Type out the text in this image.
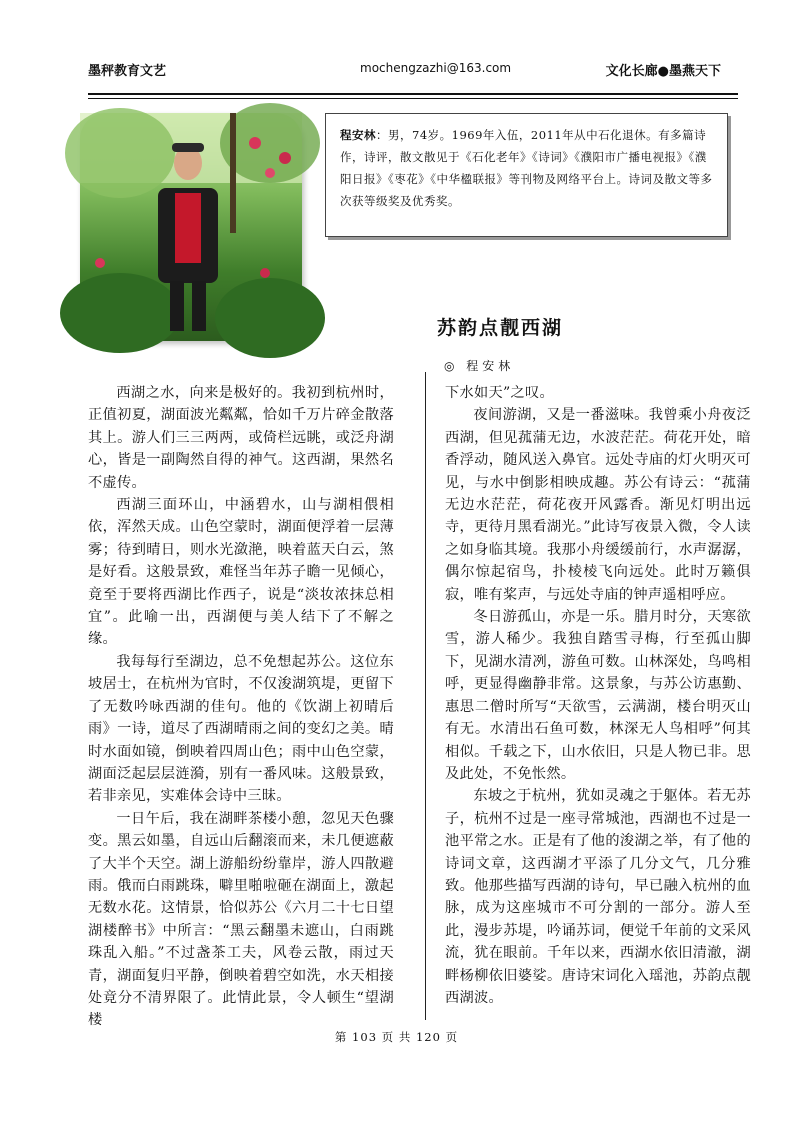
墨秤教育文艺	mochengzazhi@163.com	文化长廊●墨燕天下
程安林：男，74岁。1969年入伍，2011年从中石化退休。有多篇诗作，诗评，散文散见于《石化老年》《诗词》《濮阳市广播电视报》《濮阳日报》《枣花》《中华楹联报》等刊物及网络平台上。诗词及散文等多次获等级奖及优秀奖。
苏韵点靓西湖
◎ 程安林

西湖之水，向来是极好的。我初到杭州时，正值初夏，湖面波光粼粼，恰如千万片碎金散落其上。游人们三三两两，或倚栏远眺，或泛舟湖心，皆是一副陶然自得的神气。这西湖，果然名不虚传。

西湖三面环山，中涵碧水，山与湖相偎相依，浑然天成。山色空蒙时，湖面便浮着一层薄雾；待到晴日，则水光潋滟，映着蓝天白云，煞是好看。这般景致，难怪当年苏子瞻一见倾心，竟至于要将西湖比作西子，说是“淡妆浓抹总相宜”。此喻一出，西湖便与美人结下了不解之缘。

我每每行至湖边，总不免想起苏公。这位东坡居士，在杭州为官时，不仅浚湖筑堤，更留下了无数吟咏西湖的佳句。他的《饮湖上初晴后雨》一诗，道尽了西湖晴雨之间的变幻之美。晴时水面如镜，倒映着四周山色；雨中山色空蒙，湖面泛起层层涟漪，别有一番风味。这般景致，若非亲见，实难体会诗中三昧。

一日午后，我在湖畔茶楼小憩，忽见天色骤变。黑云如墨，自远山后翻滚而来，未几便遮蔽了大半个天空。湖上游船纷纷靠岸，游人四散避雨。俄而白雨跳珠，噼里啪啦砸在湖面上，激起无数水花。这情景，恰似苏公《六月二十七日望湖楼醉书》中所言：“黑云翻墨未遮山，白雨跳珠乱入船。”不过盏茶工夫，风卷云散，雨过天青，湖面复归平静，倒映着碧空如洗，水天相接处竟分不清界限了。此情此景，令人顿生“望湖楼

下水如天”之叹。

夜间游湖，又是一番滋味。我曾乘小舟夜泛西湖，但见菰蒲无边，水波茫茫。荷花开处，暗香浮动，随风送入鼻官。远处寺庙的灯火明灭可见，与水中倒影相映成趣。苏公有诗云：“菰蒲无边水茫茫，荷花夜开风露香。渐见灯明出远寺，更待月黑看湖光。”此诗写夜景入微，令人读之如身临其境。我那小舟缓缓前行，水声潺潺，偶尔惊起宿鸟，扑棱棱飞向远处。此时万籁俱寂，唯有桨声，与远处寺庙的钟声遥相呼应。

冬日游孤山，亦是一乐。腊月时分，天寒欲雪，游人稀少。我独自踏雪寻梅，行至孤山脚下，见湖水清冽，游鱼可数。山林深处，鸟鸣相呼，更显得幽静非常。这景象，与苏公访惠勤、惠思二僧时所写“天欲雪，云满湖，楼台明灭山有无。水清出石鱼可数，林深无人鸟相呼”何其相似。千载之下，山水依旧，只是人物已非。思及此处，不免怅然。

东坡之于杭州，犹如灵魂之于躯体。若无苏子，杭州不过是一座寻常城池，西湖也不过是一池平常之水。正是有了他的浚湖之举，有了他的诗词文章，这西湖才平添了几分文气，几分雅致。他那些描写西湖的诗句，早已融入杭州的血脉，成为这座城市不可分割的一部分。游人至此，漫步苏堤，吟诵苏词，便觉千年前的文采风流，犹在眼前。千年以来，西湖水依旧清澈，湖畔杨柳依旧婆娑。唐诗宋词化入瑶池，苏韵点靓西湖波。

第 103 页 共 120 页
